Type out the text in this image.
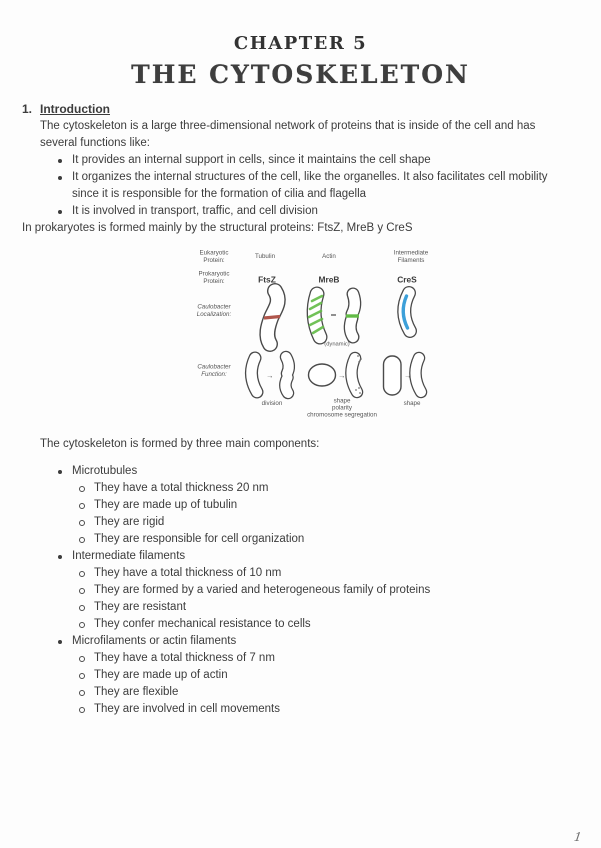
CHAPTER 5
THE CYTOSKELETON
1. Introduction

The cytoskeleton is a large three-dimensional network of proteins that is inside of the cell and has several functions like:

It provides an internal support in cells, since it maintains the cell shape
It organizes the internal structures of the cell, like the organelles. It also facilitates cell mobility since it is responsible for the formation of cilia and flagella
It is involved in transport, traffic, and cell division

In prokaryotes is formed mainly by the structural proteins: FtsZ, MreB y CreS

Eukaryotic
Protein:
Prokaryotic
Protein:
Caulobacter
Localization:
Caulobacter
Function:
Tubulin	Actin	Intermediate
Filaments
FtsZ	MreB	CreS
(dynamic)
→
division
→
shape
polarity
chromosome segregation
→
shape

The cytoskeleton is formed by three main components:

Microtubules
They have a total thickness 20 nm
They are made up of tubulin
They are rigid
They are responsible for cell organization
Intermediate filaments
They have a total thickness of 10 nm
They are formed by a varied and heterogeneous family of proteins
They are resistant
They confer mechanical resistance to cells
Microfilaments or actin filaments
They have a total thickness of 7 nm
They are made up of actin
They are flexible
They are involved in cell movements
1
